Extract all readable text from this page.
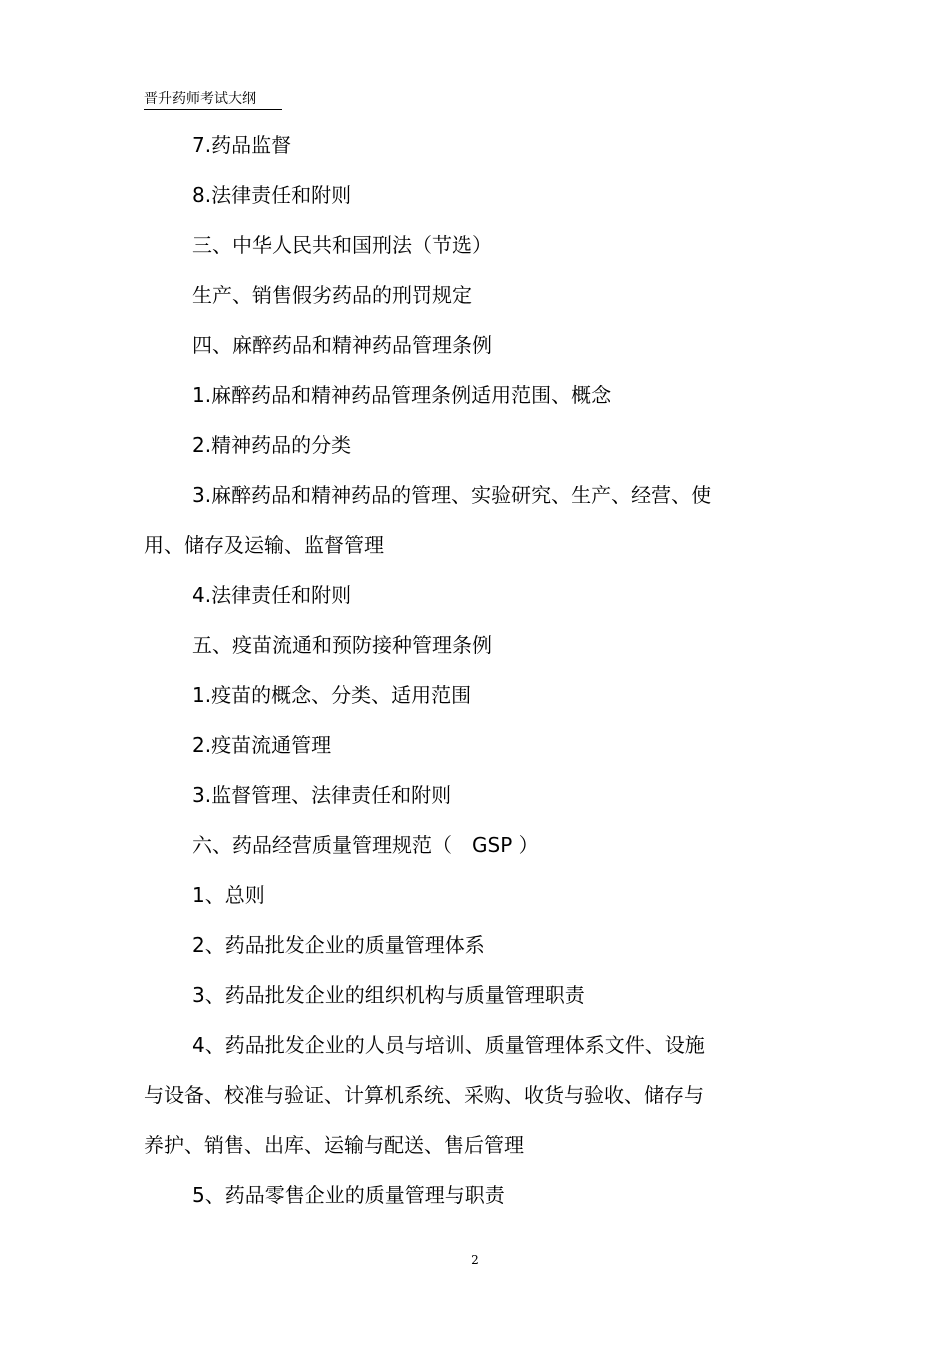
晋升药师考试大纲

7.药品监督

8.法律责任和附则

三、中华人民共和国刑法（节选）

生产、销售假劣药品的刑罚规定

四、麻醉药品和精神药品管理条例

1.麻醉药品和精神药品管理条例适用范围、概念

2.精神药品的分类

3.麻醉药品和精神药品的管理、实验研究、生产、经营、使

用、储存及运输、监督管理

4.法律责任和附则

五、疫苗流通和预防接种管理条例

1.疫苗的概念、分类、适用范围

2.疫苗流通管理

3.监督管理、法律责任和附则

六、药品经营质量管理规范（　GSP ）

1、总则

2、药品批发企业的质量管理体系

3、药品批发企业的组织机构与质量管理职责

4、药品批发企业的人员与培训、质量管理体系文件、设施

与设备、校准与验证、计算机系统、采购、收货与验收、储存与

养护、销售、出库、运输与配送、售后管理

5、药品零售企业的质量管理与职责

2
